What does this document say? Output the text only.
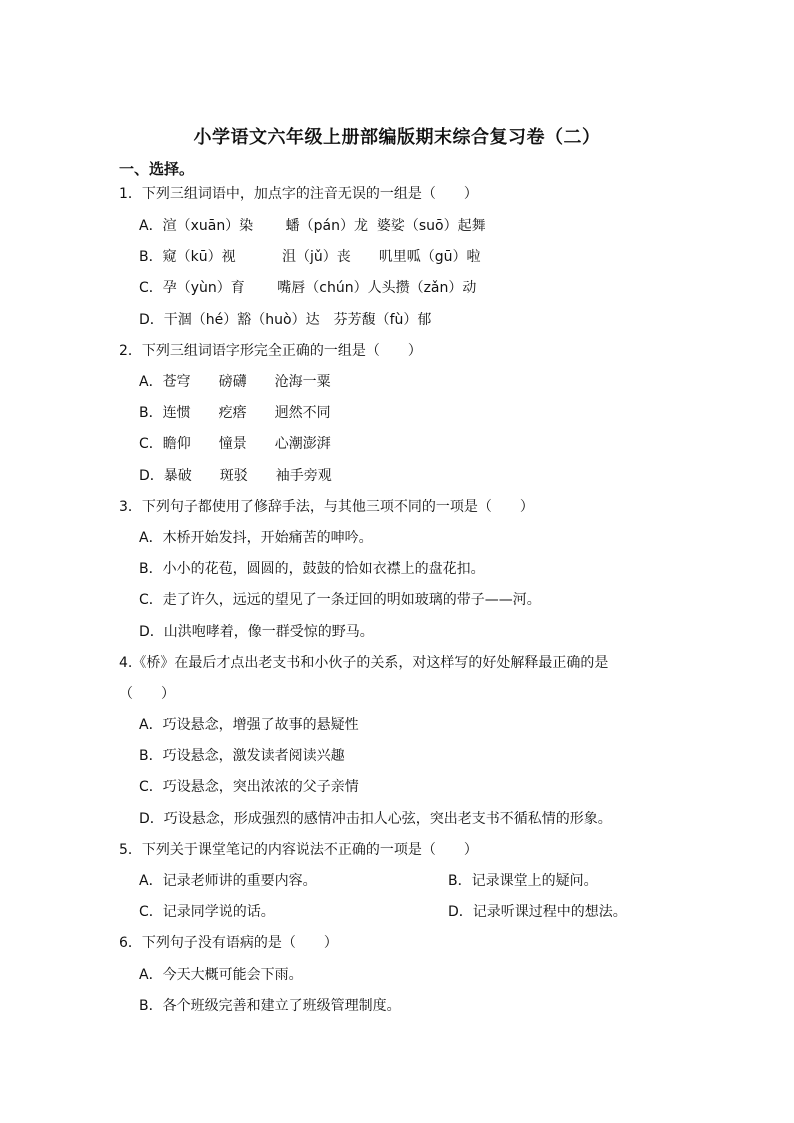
小学语文六年级上册部编版期末综合复习卷（二）
一、选择。
1．下列三组词语中，加点字的注音无误的一组是（　　）
A．渲（xuān）染　　 蟠（pán）龙  婆娑（suō）起舞
B．窥（kū）视　　　 沮（jǔ）丧　　叽里呱（gū）啦
C．孕（yùn）育　　 嘴唇（chún）人头攒（zǎn）动
D．干涸（hé）豁（huò）达　芬芳馥（fù）郁
2．下列三组词语字形完全正确的一组是（　　）
A．苍穹　　磅礴　　沧海一粟
B．连惯　　疙瘩　　迥然不同
C．瞻仰　　憧景　　心潮澎湃
D．暴破　　斑驳　　袖手旁观
3．下列句子都使用了修辞手法，与其他三项不同的一项是（　　）
A．木桥开始发抖，开始痛苦的呻吟。
B．小小的花苞，圆圆的，鼓鼓的恰如衣襟上的盘花扣。
C．走了许久，远远的望见了一条迂回的明如玻璃的带子——河。
D．山洪咆哮着，像一群受惊的野马。
4.《桥》在最后才点出老支书和小伙子的关系，对这样写的好处解释最正确的是
（　　）
A．巧设悬念，增强了故事的悬疑性
B．巧设悬念，激发读者阅读兴趣
C．巧设悬念，突出浓浓的父子亲情
D．巧设悬念，形成强烈的感情冲击扣人心弦，突出老支书不循私情的形象。
5．下列关于课堂笔记的内容说法不正确的一项是（　　）
A．记录老师讲的重要内容。	B．记录课堂上的疑问。
C．记录同学说的话。	D．记录听课过程中的想法。
6．下列句子没有语病的是（　　）
A．今天大概可能会下雨。
B．各个班级完善和建立了班级管理制度。
